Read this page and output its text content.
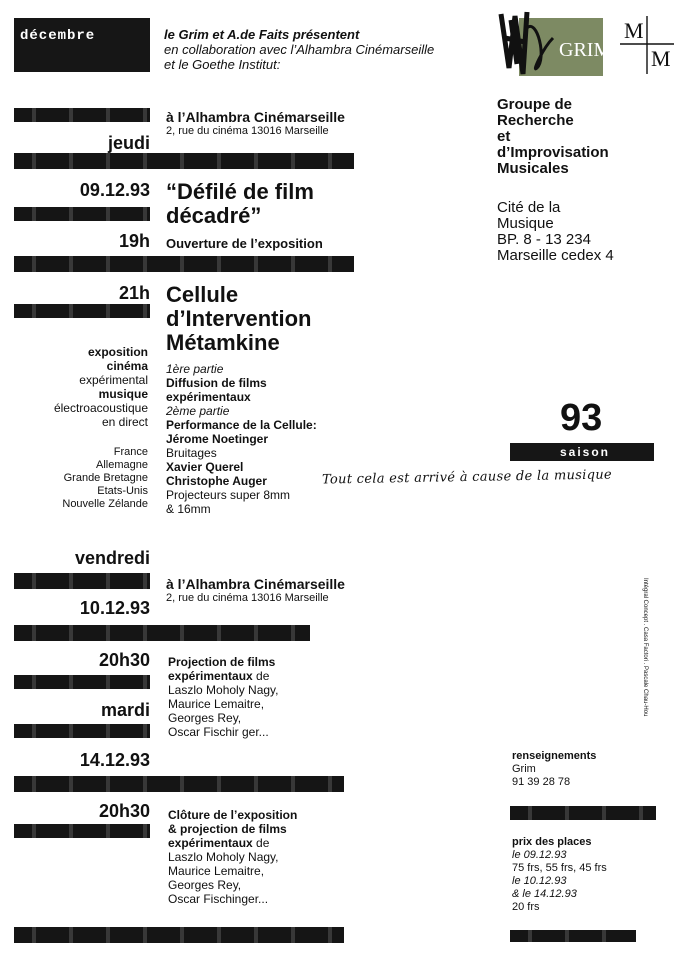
décembre	le Grim et A.de Faits présentent
en collaboration avec l’Alhambra Cinémarseille
et le Goethe Institut:
GRIM
M
M
Groupe de
Recherche
et
d’Improvisation
Musicales
Cité de la
Musique
BP. 8 - 13 234
Marseille cedex 4
93
saison
Tout cela est arrivé à cause de la musique
à l’Alhambra Cinémarseille
2, rue du cinéma 13016 Marseille
jeudi
09.12.93 “Défilé de film
décadré”
19h Ouverture de l’exposition
21h Cellule
d’Intervention
Métamkine
exposition
cinéma
expérimental
musique
électroacoustique
en direct
France
Allemagne
Grande Bretagne
Etats-Unis
Nouvelle Zélande
1ère partie
Diffusion de films
expérimentaux
2ème partie
Performance de la Cellule:
Jérome Noetinger
Bruitages
Xavier Querel
Christophe Auger
Projecteurs super 8mm
& 16mm
vendredi
à l’Alhambra Cinémarseille
2, rue du cinéma 13016 Marseille
10.12.93
20h30 Projection de films
expérimentaux de
Laszlo Moholy Nagy,
Maurice Lemaitre,
Georges Rey,
Oscar Fischir ger...
mardi
14.12.93
20h30 Clôture de l’exposition
& projection de films
expérimentaux de
Laszlo Moholy Nagy,
Maurice Lemaitre,
Georges Rey,
Oscar Fischinger...
Intégral Concept . Casa Factori . Pascale Chau-Hou
renseignements
Grim
91 39 28 78
prix des places
le 09.12.93
75 frs, 55 frs, 45 frs
le 10.12.93
& le 14.12.93
20 frs
